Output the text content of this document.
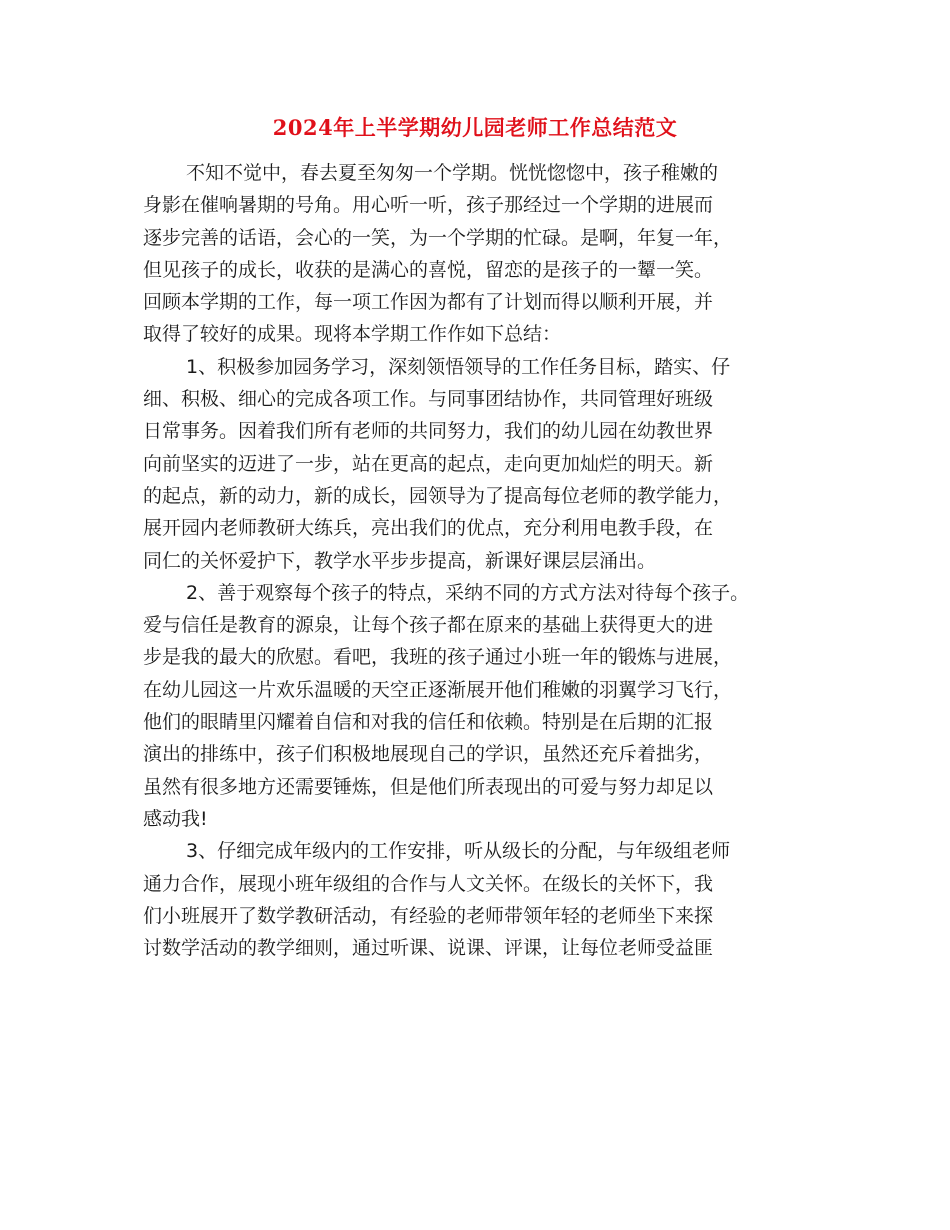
2024年上半学期幼儿园老师工作总结范文
不知不觉中，春去夏至匆匆一个学期。恍恍惚惚中，孩子稚嫩的
身影在催响暑期的号角。用心听一听，孩子那经过一个学期的进展而
逐步完善的话语，会心的一笑，为一个学期的忙碌。是啊，年复一年，
但见孩子的成长，收获的是满心的喜悦，留恋的是孩子的一颦一笑。
回顾本学期的工作，每一项工作因为都有了计划而得以顺利开展，并
取得了较好的成果。现将本学期工作作如下总结：
1、积极参加园务学习，深刻领悟领导的工作任务目标，踏实、仔
细、积极、细心的完成各项工作。与同事团结协作，共同管理好班级
日常事务。因着我们所有老师的共同努力，我们的幼儿园在幼教世界
向前坚实的迈进了一步，站在更高的起点，走向更加灿烂的明天。新
的起点，新的动力，新的成长，园领导为了提高每位老师的教学能力，
展开园内老师教研大练兵，亮出我们的优点，充分利用电教手段，在
同仁的关怀爱护下，教学水平步步提高，新课好课层层涌出。
2、善于观察每个孩子的特点，采纳不同的方式方法对待每个孩子。
爱与信任是教育的源泉，让每个孩子都在原来的基础上获得更大的进
步是我的最大的欣慰。看吧，我班的孩子通过小班一年的锻炼与进展，
在幼儿园这一片欢乐温暖的天空正逐渐展开他们稚嫩的羽翼学习飞行，
他们的眼睛里闪耀着自信和对我的信任和依赖。特别是在后期的汇报
演出的排练中，孩子们积极地展现自己的学识，虽然还充斥着拙劣，
虽然有很多地方还需要锤炼，但是他们所表现出的可爱与努力却足以
感动我!
3、仔细完成年级内的工作安排，听从级长的分配，与年级组老师
通力合作，展现小班年级组的合作与人文关怀。在级长的关怀下，我
们小班展开了数学教研活动，有经验的老师带领年轻的老师坐下来探
讨数学活动的教学细则，通过听课、说课、评课，让每位老师受益匪
